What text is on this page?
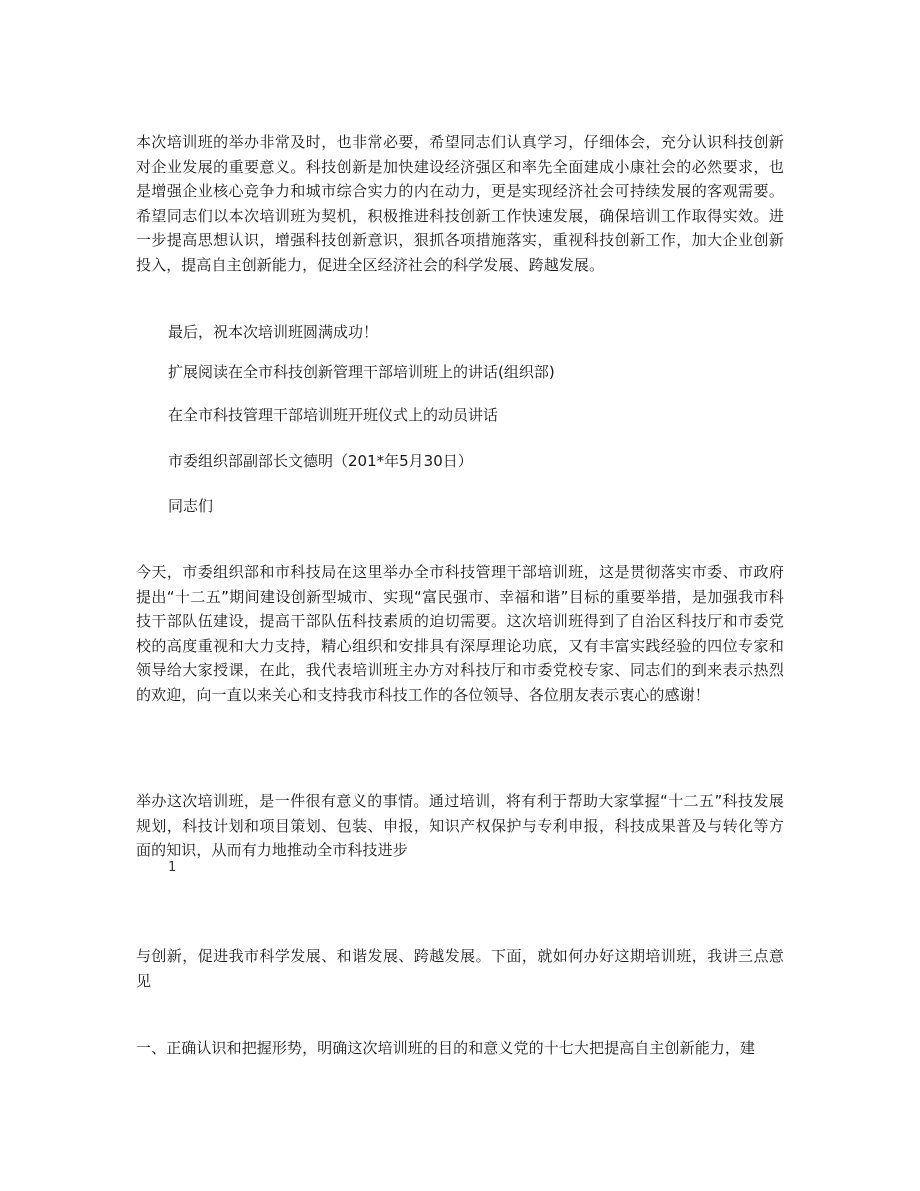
本次培训班的举办非常及时，也非常必要，希望同志们认真学习，仔细体会，充分认识科技创新对企业发展的重要意义。科技创新是加快建设经济强区和率先全面建成小康社会的必然要求，也是增强企业核心竞争力和城市综合实力的内在动力，更是实现经济社会可持续发展的客观需要。希望同志们以本次培训班为契机，积极推进科技创新工作快速发展，确保培训工作取得实效。进一步提高思想认识，增强科技创新意识，狠抓各项措施落实，重视科技创新工作，加大企业创新投入，提高自主创新能力，促进全区经济社会的科学发展、跨越发展。
最后，祝本次培训班圆满成功！
扩展阅读在全市科技创新管理干部培训班上的讲话(组织部)
在全市科技管理干部培训班开班仪式上的动员讲话
市委组织部副部长文德明（201*年5月30日）
同志们
今天，市委组织部和市科技局在这里举办全市科技管理干部培训班，这是贯彻落实市委、市政府提出“十二五”期间建设创新型城市、实现“富民强市、幸福和谐”目标的重要举措，是加强我市科技干部队伍建设，提高干部队伍科技素质的迫切需要。这次培训班得到了自治区科技厅和市委党校的高度重视和大力支持，精心组织和安排具有深厚理论功底，又有丰富实践经验的四位专家和领导给大家授课，在此，我代表培训班主办方对科技厅和市委党校专家、同志们的到来表示热烈的欢迎，向一直以来关心和支持我市科技工作的各位领导、各位朋友表示衷心的感谢！
举办这次培训班，是一件很有意义的事情。通过培训，将有利于帮助大家掌握“十二五”科技发展规划，科技计划和项目策划、包装、申报，知识产权保护与专利申报，科技成果普及与转化等方面的知识，从而有力地推动全市科技进步
1
与创新，促进我市科学发展、和谐发展、跨越发展。下面，就如何办好这期培训班，我讲三点意见
一、正确认识和把握形势，明确这次培训班的目的和意义党的十七大把提高自主创新能力，建
